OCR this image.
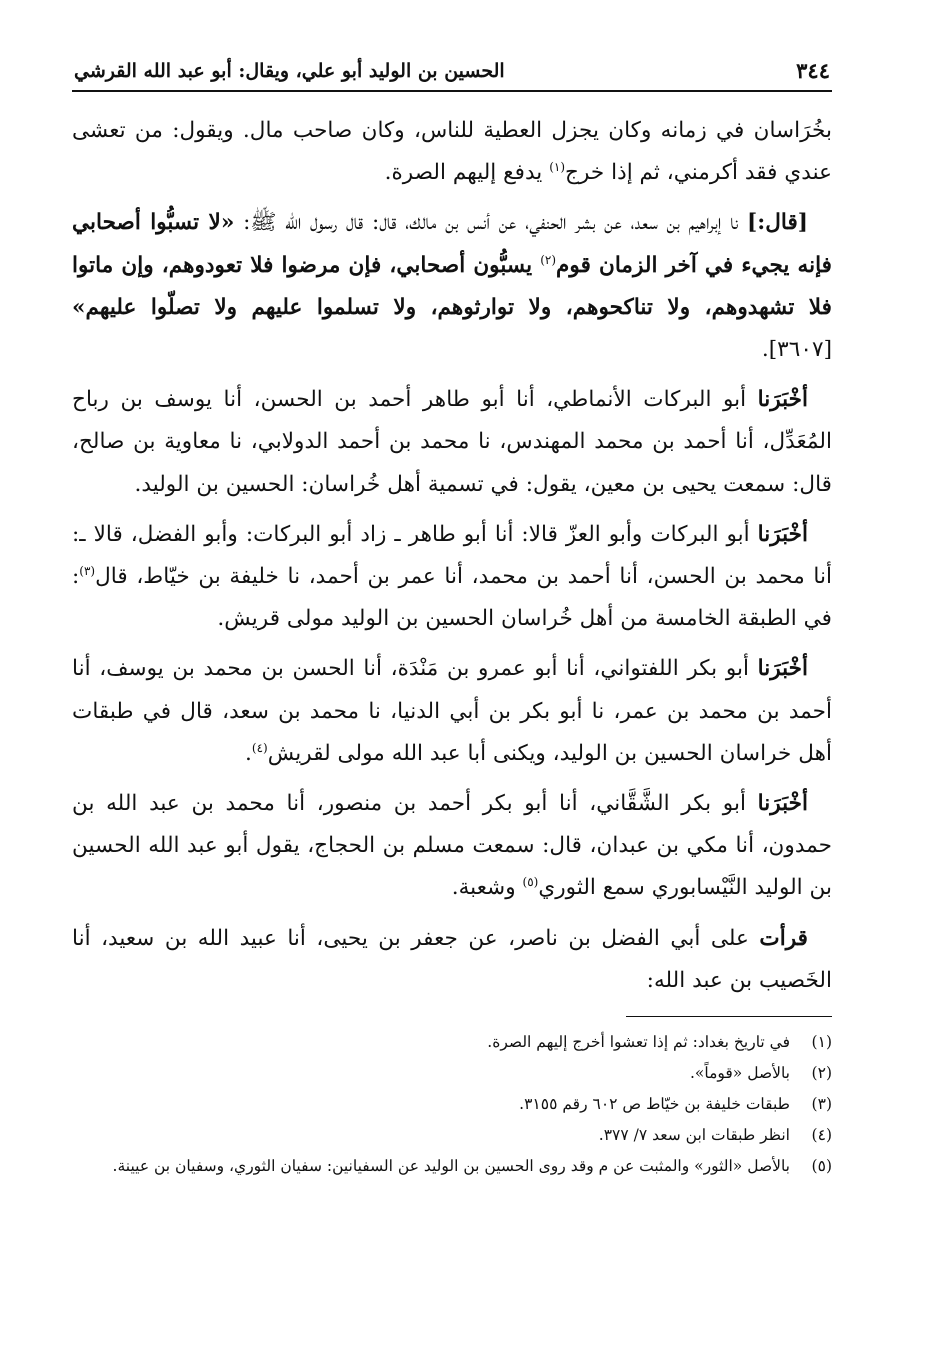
٣٤٤
الحسين بن الوليد أبو علي، ويقال: أبو عبد الله القرشي

بخُرَاسان في زمانه وكان يجزل العطية للناس، وكان صاحب مال. ويقول: من تعشى عندي فقد أكرمني، ثم إذا خرج$^{(١)}$ يدفع إليهم الصرة.

[قال:] نا إبراهيم بن سعد، عن بشر الحنفي، عن أنس بن مالك، قال: قال رسول الله ﷺ: «لا تسبُّوا أصحابي فإنه يجيء في آخر الزمان قوم$^{(٢)}$ يسبُّون أصحابي، فإن مرضوا فلا تعودوهم، وإن ماتوا فلا تشهدوهم، ولا تناكحوهم، ولا توارثوهم، ولا تسلموا عليهم ولا تصلّوا عليهم» [٣٦٠٧].

أخْبَرَنا أبو البركات الأنماطي، أنا أبو طاهر أحمد بن الحسن، أنا يوسف بن رباح المُعَدِّل، أنا أحمد بن محمد المهندس، نا محمد بن أحمد الدولابي، نا معاوية بن صالح، قال: سمعت يحيى بن معين، يقول: في تسمية أهل خُراسان: الحسين بن الوليد.

أخْبَرَنا أبو البركات وأبو العزّ قالا: أنا أبو طاهر ـ زاد أبو البركات: وأبو الفضل، قالا ـ: أنا محمد بن الحسن، أنا أحمد بن محمد، أنا عمر بن أحمد، نا خليفة بن خيّاط، قال$^{(٣)}$: في الطبقة الخامسة من أهل خُراسان الحسين بن الوليد مولى قريش.

أخْبَرَنا أبو بكر اللفتواني، أنا أبو عمرو بن مَنْدَة، أنا الحسن بن محمد بن يوسف، أنا أحمد بن محمد بن عمر، نا أبو بكر بن أبي الدنيا، نا محمد بن سعد، قال في طبقات أهل خراسان الحسين بن الوليد، ويكنى أبا عبد الله مولى لقريش$^{(٤)}$.

أخْبَرَنا أبو بكر الشَّقَّاني، أنا أبو بكر أحمد بن منصور، أنا محمد بن عبد الله بن حمدون، أنا مكي بن عبدان، قال: سمعت مسلم بن الحجاج، يقول أبو عبد الله الحسين بن الوليد النَّيْسابوري سمع الثوري$^{(٥)}$ وشعبة.

قرأت على أبي الفضل بن ناصر، عن جعفر بن يحيى، أنا عبيد الله بن سعيد، أنا الخَصيب بن عبد الله:

(١)
في تاريخ بغداد: ثم إذا تعشوا أخرج إليهم الصرة.
(٢)
بالأصل «قوماً».
(٣)
طبقات خليفة بن خيّاط ص ٦٠٢ رقم ٣١٥٥.
(٤)
انظر طبقات ابن سعد ٧/ ٣٧٧.
(٥)
بالأصل «الثور» والمثبت عن م وقد روى الحسين بن الوليد عن السفيانين: سفيان الثوري، وسفيان بن عيينة.
